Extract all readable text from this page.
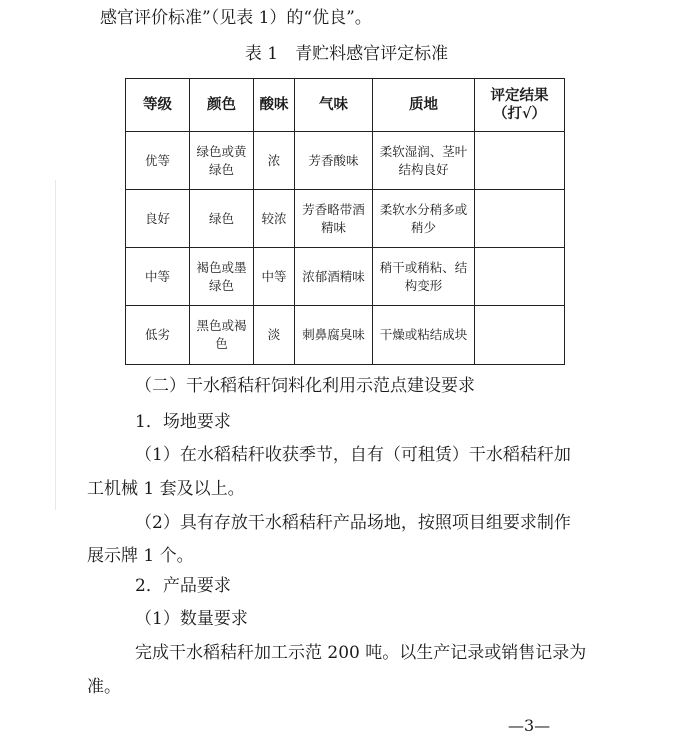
感官评价标准”（见表 1）的“优良”。
表 1　青贮料感官评定标准
等级	颜色	酸味	气味	质地	评定结果（打√）
优等	绿色或黄绿色	浓	芳香酸味	柔软湿润、茎叶结构良好	
良好	绿色	较浓	芳香略带酒精味	柔软水分稍多或稍少	
中等	褐色或墨绿色	中等	浓郁酒精味	稍干或稍粘、结构变形	
低劣	黑色或褐色	淡	刺鼻腐臭味	干燥或粘结成块	
（二）干水稻秸秆饲料化利用示范点建设要求
1．场地要求
（1）在水稻秸秆收获季节，自有（可租赁）干水稻秸秆加
工机械 1 套及以上。
（2）具有存放干水稻秸秆产品场地，按照项目组要求制作
展示牌 1 个。
2．产品要求
（1）数量要求
完成干水稻秸秆加工示范 200 吨。以生产记录或销售记录为
准。
—3—
